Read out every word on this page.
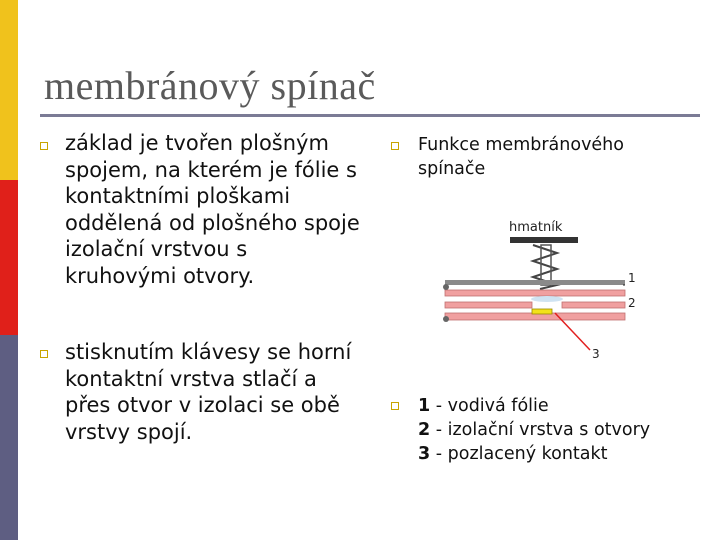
membránový spínač
základ je tvořen plošným spojem, na kterém je fólie s kontaktními ploškami oddělená od plošného spoje izolační vrstvou s kruhovými otvory.
stisknutím klávesy se horní kontaktní vrstva stlačí a přes otvor v izolaci se obě vrstvy spojí.
Funkce membránového spínače
hmatník
1
2
3
1 - vodivá fólie
2 - izolační vrstva s otvory
3 - pozlacený kontakt
